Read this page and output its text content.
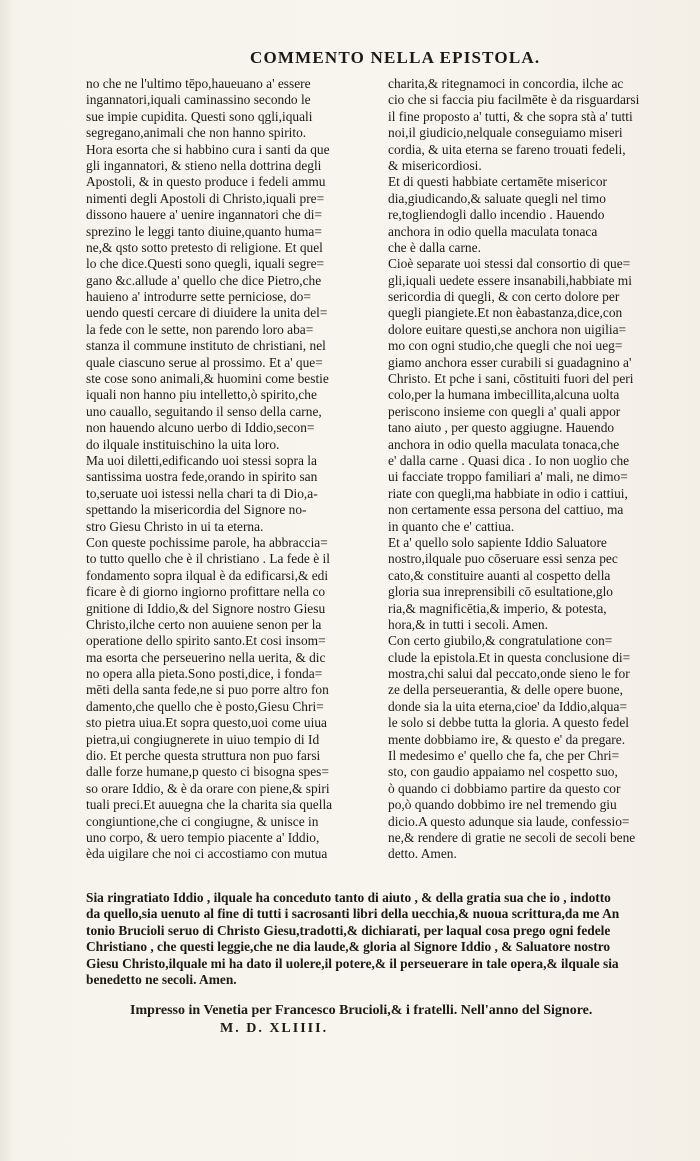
COMMENTO NELLA EPISTOLA.
no che ne l'ultimo tēpo,haueuano a' essere
ingannatori,iquali caminassino secondo le
sue impie cupidita. Questi sono qgli,iquali
segregano,animali che non hanno spirito.
Hora esorta che si habbino cura i santi da que
gli ingannatori, & stieno nella dottrina degli
Apostoli, & in questo produce i fedeli ammu
nimenti degli Apostoli di Christo,iquali pre=
dissono hauere a' uenire ingannatori che di=
sprezino le leggi tanto diuine,quanto huma=
ne,& qsto sotto pretesto di religione. Et quel
lo che dice.Questi sono quegli, iquali segre=
gano &c.allude a' quello che dice Pietro,che
hauieno a' introdurre sette perniciose, do=
uendo questi cercare di diuidere la unita del=
la fede con le sette, non parendo loro aba=
stanza il commune instituto de christiani, nel
quale ciascuno serue al prossimo. Et a' que=
ste cose sono animali,& huomini come bestie
iquali non hanno piu intelletto,ò spirito,che
uno cauallo, seguitando il senso della carne,
non hauendo alcuno uerbo di Iddio,secon=
do ilquale instituischino la uita loro.
Ma uoi diletti,edificando uoi stessi sopra la
santissima uostra fede,orando in spirito san
to,seruate uoi istessi nella chari ta di Dio,a-
spettando la misericordia del Signore no-
stro Giesu Christo in ui ta eterna.
Con queste pochissime parole, ha abbraccia=
to tutto quello che è il christiano . La fede è il
fondamento sopra ilqual è da edificarsi,& edi
ficare è di giorno ingiorno profittare nella co
gnitione di Iddio,& del Signore nostro Giesu
Christo,ilche certo non auuiene senon per la
operatione dello spirito santo.Et cosi insom=
ma esorta che perseuerino nella uerita, & dic
no opera alla pieta.Sono posti,dice, i fonda=
mēti della santa fede,ne si puo porre altro fon
damento,che quello che è posto,Giesu Chri=
sto pietra uiua.Et sopra questo,uoi come uiua
pietra,ui congiugnerete in uiuo tempio di Id
dio. Et perche questa struttura non puo farsi
dalle forze humane,p questo ci bisogna spes=
so orare Iddio, & è da orare con piene,& spiri
tuali preci.Et auuegna che la charita sia quella
congiuntione,che ci congiugne, & unisce in
uno corpo, & uero tempio piacente a' Iddio,
èda uigilare che noi ci accostiamo con mutua
charita,& ritegnamoci in concordia, ilche ac
cio che si faccia piu facilmēte è da risguardarsi
il fine proposto a' tutti, & che sopra stà a' tutti
noi,il giudicio,nelquale conseguiamo miseri
cordia, & uita eterna se fareno trouati fedeli,
& misericordiosi.
Et di questi habbiate certamēte misericor
dia,giudicando,& saluate quegli nel timo
re,togliendogli dallo incendio . Hauendo
anchora in odio quella maculata tonaca
che è dalla carne.
Cioè separate uoi stessi dal consortio di que=
gli,iquali uedete essere insanabili,habbiate mi
sericordia di quegli, & con certo dolore per
quegli piangiete.Et non èabastanza,dice,con
dolore euitare questi,se anchora non uigilia=
mo con ogni studio,che quegli che noi ueg=
giamo anchora esser curabili si guadagnino a'
Christo. Et pche i sani, cōstituiti fuori del peri
colo,per la humana imbecillita,alcuna uolta
periscono insieme con quegli a' quali appor
tano aiuto , per questo aggiugne. Hauendo
anchora in odio quella maculata tonaca,che
e' dalla carne . Quasi dica . Io non uoglio che
ui facciate troppo familiari a' mali, ne dimo=
riate con quegli,ma habbiate in odio i cattiui,
non certamente essa persona del cattiuo, ma
in quanto che e' cattiua.
Et a' quello solo sapiente Iddio Saluatore
nostro,ilquale puo cōseruare essi senza pec
cato,& constituire auanti al cospetto della
gloria sua inreprensibili cō esultatione,glo
ria,& magnificētia,& imperio, & potesta,
hora,& in tutti i secoli. Amen.
Con certo giubilo,& congratulatione con=
clude la epistola.Et in questa conclusione di=
mostra,chi salui dal peccato,onde sieno le for
ze della perseuerantia, & delle opere buone,
donde sia la uita eterna,cioe' da Iddio,alqua=
le solo si debbe tutta la gloria. A questo fedel
mente dobbiamo ire, & questo e' da pregare.
Il medesimo e' quello che fa, che per Chri=
sto, con gaudio appaiamo nel cospetto suo,
ò quando ci dobbiamo partire da questo cor
po,ò quando dobbimo ire nel tremendo giu
dicio.A questo adunque sia laude, confessio=
ne,& rendere di gratie ne secoli de secoli bene
detto. Amen.
Sia ringratiato Iddio , ilquale ha conceduto tanto di aiuto , & della gratia sua che io , indotto
da quello,sia uenuto al fine di tutti i sacrosanti libri della uecchia,& nuoua scrittura,da me An
tonio Brucioli seruo di Christo Giesu,tradotti,& dichiarati, per laqual cosa prego ogni fedele
Christiano , che questi leggie,che ne dia laude,& gloria al Signore Iddio , & Saluatore nostro
Giesu Christo,ilquale mi ha dato il uolere,il potere,& il perseuerare in tale opera,& ilquale sia
benedetto ne secoli. Amen.
Impresso in Venetia per Francesco Brucioli,& i fratelli. Nell'anno del Signore.
M. D. XLIIII.
